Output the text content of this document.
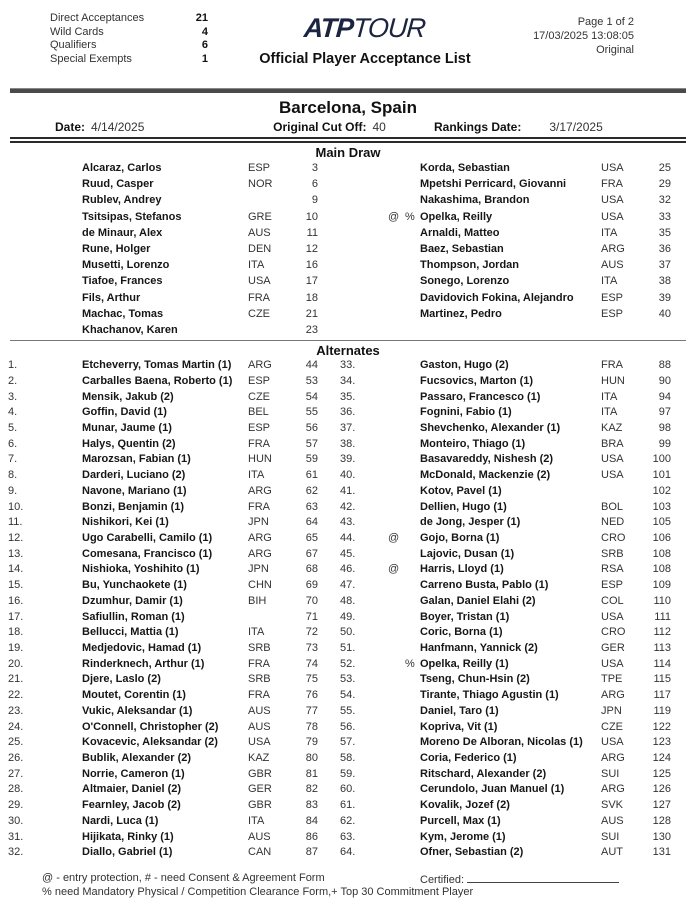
Direct Acceptances	21
Wild Cards	4
Qualifiers	6
Special Exempts	1
ATPTOUR
Official Player Acceptance List
Page 1 of 2
17/03/2025 13:08:05
Original
Barcelona, Spain
Date: 4/14/2025	Original Cut Off: 40	Rankings Date: 3/17/2025
Main Draw
Alcaraz, Carlos	ESP	3
Ruud, Casper	NOR	6
Rublev, Andrey	9
Tsitsipas, Stefanos	GRE	10
de Minaur, Alex	AUS	11
Rune, Holger	DEN	12
Musetti, Lorenzo	ITA	16
Tiafoe, Frances	USA	17
Fils, Arthur	FRA	18
Machac, Tomas	CZE	21
Khachanov, Karen	23
Korda, Sebastian	USA	25
Mpetshi Perricard, Giovanni	FRA	29
Nakashima, Brandon	USA	32
@ % Opelka, Reilly	USA	33
Arnaldi, Matteo	ITA	35
Baez, Sebastian	ARG	36
Thompson, Jordan	AUS	37
Sonego, Lorenzo	ITA	38
Davidovich Fokina, Alejandro	ESP	39
Martinez, Pedro	ESP	40
Alternates
1.	Etcheverry, Tomas Martin (1)	ARG	44
2.	Carballes Baena, Roberto (1)	ESP	53
3.	Mensik, Jakub (2)	CZE	54
4.	Goffin, David (1)	BEL	55
5.	Munar, Jaume (1)	ESP	56
6.	Halys, Quentin (2)	FRA	57
7.	Marozsan, Fabian (1)	HUN	59
8.	Darderi, Luciano (2)	ITA	61
9.	Navone, Mariano (1)	ARG	62
10.	Bonzi, Benjamin (1)	FRA	63
11.	Nishikori, Kei (1)	JPN	64
12.	Ugo Carabelli, Camilo (1)	ARG	65
13.	Comesana, Francisco (1)	ARG	67
14.	Nishioka, Yoshihito (1)	JPN	68
15.	Bu, Yunchaokete (1)	CHN	69
16.	Dzumhur, Damir (1)	BIH	70
17.	Safiullin, Roman (1)	71
18.	Bellucci, Mattia (1)	ITA	72
19.	Medjedovic, Hamad (1)	SRB	73
20.	Rinderknech, Arthur (1)	FRA	74
21.	Djere, Laslo (2)	SRB	75
22.	Moutet, Corentin (1)	FRA	76
23.	Vukic, Aleksandar (1)	AUS	77
24.	O'Connell, Christopher (2)	AUS	78
25.	Kovacevic, Aleksandar (2)	USA	79
26.	Bublik, Alexander (2)	KAZ	80
27.	Norrie, Cameron (1)	GBR	81
28.	Altmaier, Daniel (2)	GER	82
29.	Fearnley, Jacob (2)	GBR	83
30.	Nardi, Luca (1)	ITA	84
31.	Hijikata, Rinky (1)	AUS	86
32.	Diallo, Gabriel (1)	CAN	87
33.	Gaston, Hugo (2)	FRA	88
34.	Fucsovics, Marton (1)	HUN	90
35.	Passaro, Francesco (1)	ITA	94
36.	Fognini, Fabio (1)	ITA	97
37.	Shevchenko, Alexander (1)	KAZ	98
38.	Monteiro, Thiago (1)	BRA	99
39.	Basavareddy, Nishesh (2)	USA	100
40.	McDonald, Mackenzie (2)	USA	101
41.	Kotov, Pavel (1)	102
42.	Dellien, Hugo (1)	BOL	103
43.	de Jong, Jesper (1)	NED	105
44.	@	Gojo, Borna (1)	CRO	106
45.	Lajovic, Dusan (1)	SRB	108
46.	@	Harris, Lloyd (1)	RSA	108
47.	Carreno Busta, Pablo (1)	ESP	109
48.	Galan, Daniel Elahi (2)	COL	110
49.	Boyer, Tristan (1)	USA	111
50.	Coric, Borna (1)	CRO	112
51.	Hanfmann, Yannick (2)	GER	113
52.	% Opelka, Reilly (1)	USA	114
53.	Tseng, Chun-Hsin (2)	TPE	115
54.	Tirante, Thiago Agustin (1)	ARG	117
55.	Daniel, Taro (1)	JPN	119
56.	Kopriva, Vit (1)	CZE	122
57.	Moreno De Alboran, Nicolas (1)	USA	123
58.	Coria, Federico (1)	ARG	124
59.	Ritschard, Alexander (2)	SUI	125
60.	Cerundolo, Juan Manuel (1)	ARG	126
61.	Kovalik, Jozef (2)	SVK	127
62.	Purcell, Max (1)	AUS	128
63.	Kym, Jerome (1)	SUI	130
64.	Ofner, Sebastian (2)	AUT	131
@ - entry protection, # - need Consent & Agreement Form
% need Mandatory Physical / Competition Clearance Form,+ Top 30 Commitment Player
Certified:
